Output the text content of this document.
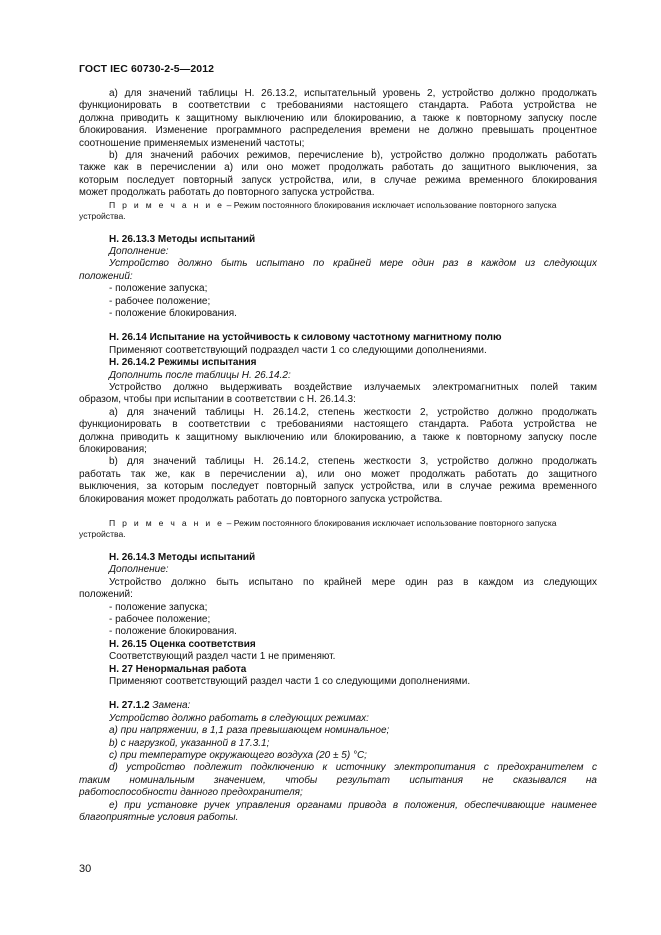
ГОСТ IEC 60730-2-5—2012
а) для значений таблицы Н. 26.13.2, испытательный уровень 2, устройство должно продолжать
функционировать в соответствии с требованиями настоящего стандарта. Работа устройства не
должна приводить к защитному выключению или блокированию, а также к повторному запуску после
блокирования. Изменение программного распределения времени не должно превышать процентное
соотношение применяемых изменений частоты;
b) для значений рабочих режимов, перечисление b), устройство должно продолжать работать
также как в перечислении а) или оно может продолжать работать до защитного выключения, за
которым последует повторный запуск устройства, или, в случае режима временного блокирования
может продолжать работать до повторного запуска устройства.
П р и м е ч а н и е – Режим постоянного блокирования исключает использование повторного запуска
устройства.

Н. 26.13.3 Методы испытаний

Дополнение:

Устройство должно быть испытано по крайней мере один раз в каждом из следующих
положений:

- положение запуска;

- рабочее положение;

- положение блокирования.

Н. 26.14 Испытание на устойчивость к силовому частотному магнитному полю

Применяют соответствующий подраздел части 1 со следующими дополнениями.

Н. 26.14.2 Режимы испытания

Дополнить после таблицы Н. 26.14.2:

Устройство должно выдерживать воздействие излучаемых электромагнитных полей таким
образом, чтобы при испытании в соответствии с Н. 26.14.3:
а) для значений таблицы Н. 26.14.2, степень жесткости 2, устройство должно продолжать
функционировать в соответствии с требованиями настоящего стандарта. Работа устройства не
должна приводить к защитному выключению или блокированию, а также к повторному запуску после
блокирования;
b) для значений таблицы Н. 26.14.2, степень жесткости 3, устройство должно продолжать
работать так же, как в перечислении а), или оно может продолжать работать до защитного
выключения, за которым последует повторный запуск устройства, или в случае режима временного
блокирования может продолжать работать до повторного запуска устройства.
П р и м е ч а н и е – Режим постоянного блокирования исключает использование повторного запуска
устройства.

Н. 26.14.3 Методы испытаний

Дополнение:

Устройство должно быть испытано по крайней мере один раз в каждом из следующих
положений:

- положение запуска;

- рабочее положение;

- положение блокирования.

Н. 26.15 Оценка соответствия

Соответствующий раздел части 1 не применяют.

Н. 27 Ненормальная работа

Применяют соответствующий раздел части 1 со следующими дополнениями.

Н. 27.1.2 Замена:

Устройство должно работать в следующих режимах:

а) при напряжении, в 1,1 раза превышающем номинальное;

b) с нагрузкой, указанной в 17.3.1;

с) при температуре окружающего воздуха (20 ± 5) °С;

d) устройство подлежит подключению к источнику электропитания с предохранителем с
таким номинальным значением, чтобы результат испытания не сказывался на
работоспособности данного предохранителя;
е) при установке ручек управления органами привода в положения, обеспечивающие наименее
благоприятные условия работы.
30
